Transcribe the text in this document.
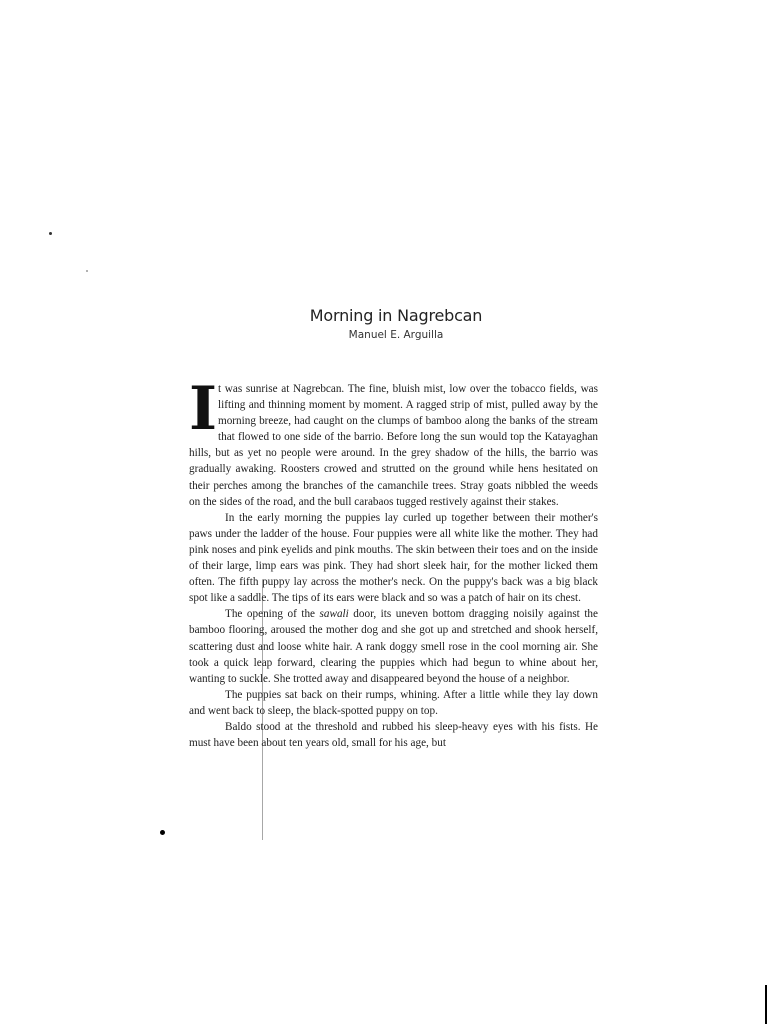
Morning in Nagrebcan
Manuel E. Arguilla

I t was sunrise at Nagrebcan. The fine, bluish mist, low over the tobacco fields, was lifting and thinning moment by moment. A ragged strip of mist, pulled away by the morning breeze, had caught on the clumps of bamboo along the banks of the stream that flowed to one side of the barrio. Before long the sun would top the Katayaghan hills, but as yet no people were around. In the grey shadow of the hills, the barrio was gradually awaking. Roosters crowed and strutted on the ground while hens hesitated on their perches among the branches of the camanchile trees. Stray goats nibbled the weeds on the sides of the road, and the bull carabaos tugged restively against their stakes.

In the early morning the puppies lay curled up together between their mother's paws under the ladder of the house. Four puppies were all white like the mother. They had pink noses and pink eyelids and pink mouths. The skin between their toes and on the inside of their large, limp ears was pink. They had short sleek hair, for the mother licked them often. The fifth puppy lay across the mother's neck. On the puppy's back was a big black spot like a saddle. The tips of its ears were black and so was a patch of hair on its chest.

The opening of the sawali door, its uneven bottom dragging noisily against the bamboo flooring, aroused the mother dog and she got up and stretched and shook herself, scattering dust and loose white hair. A rank doggy smell rose in the cool morning air. She took a quick leap forward, clearing the puppies which had begun to whine about her, wanting to suckle. She trotted away and disappeared beyond the house of a neighbor.

The puppies sat back on their rumps, whining. After a little while they lay down and went back to sleep, the black-spotted puppy on top.

Baldo stood at the threshold and rubbed his sleep-heavy eyes with his fists. He must have been about ten years old, small for his age, but
